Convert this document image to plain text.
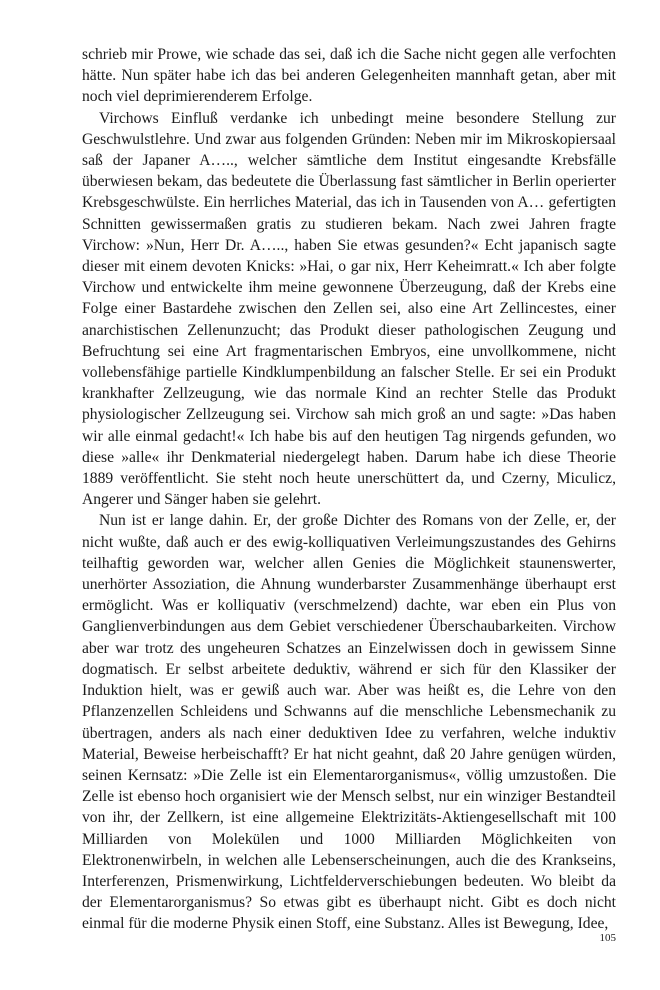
schrieb mir Prowe, wie schade das sei, daß ich die Sache nicht gegen alle verfochten hätte. Nun später habe ich das bei anderen Gelegenheiten mannhaft getan, aber mit noch viel deprimierenderem Erfolge.

Virchows Einfluß verdanke ich unbedingt meine besondere Stellung zur Geschwulstlehre. Und zwar aus folgenden Gründen: Neben mir im Mikroskopiersaal saß der Japaner A….., welcher sämtliche dem Institut eingesandte Krebsfälle überwiesen bekam, das bedeutete die Überlassung fast sämtlicher in Berlin operierter Krebsgeschwülste. Ein herrliches Material, das ich in Tausenden von A… gefertigten Schnitten gewissermaßen gratis zu studieren bekam. Nach zwei Jahren fragte Virchow: »Nun, Herr Dr. A….., haben Sie etwas gesunden?« Echt japanisch sagte dieser mit einem devoten Knicks: »Hai, o gar nix, Herr Keheimratt.« Ich aber folgte Virchow und entwickelte ihm meine gewonnene Überzeugung, daß der Krebs eine Folge einer Bastardehe zwischen den Zellen sei, also eine Art Zellincestes, einer anarchistischen Zellenunzucht; das Produkt dieser pathologischen Zeugung und Befruchtung sei eine Art fragmentarischen Embryos, eine unvollkommene, nicht vollebensfähige partielle Kindklumpenbildung an falscher Stelle. Er sei ein Produkt krankhafter Zellzeugung, wie das normale Kind an rechter Stelle das Produkt physiologischer Zellzeugung sei. Virchow sah mich groß an und sagte: »Das haben wir alle einmal gedacht!« Ich habe bis auf den heutigen Tag nirgends gefunden, wo diese »alle« ihr Denkmaterial niedergelegt haben. Darum habe ich diese Theorie 1889 veröffentlicht. Sie steht noch heute unerschüttert da, und Czerny, Miculicz, Angerer und Sänger haben sie gelehrt.

Nun ist er lange dahin. Er, der große Dichter des Romans von der Zelle, er, der nicht wußte, daß auch er des ewig-kolliquativen Verleimungszustandes des Gehirns teilhaftig geworden war, welcher allen Genies die Möglichkeit staunenswerter, unerhörter Assoziation, die Ahnung wunderbarster Zusammenhänge überhaupt erst ermöglicht. Was er kolliquativ (verschmelzend) dachte, war eben ein Plus von Ganglienverbindungen aus dem Gebiet verschiedener Überschaubarkeiten. Virchow aber war trotz des ungeheuren Schatzes an Einzelwissen doch in gewissem Sinne dogmatisch. Er selbst arbeitete deduktiv, während er sich für den Klassiker der Induktion hielt, was er gewiß auch war. Aber was heißt es, die Lehre von den Pflanzenzellen Schleidens und Schwanns auf die menschliche Lebensmechanik zu übertragen, anders als nach einer deduktiven Idee zu verfahren, welche induktiv Material, Beweise herbeischafft? Er hat nicht geahnt, daß 20 Jahre genügen würden, seinen Kernsatz: »Die Zelle ist ein Elementarorganismus«, völlig umzustoßen. Die Zelle ist ebenso hoch organisiert wie der Mensch selbst, nur ein winziger Bestandteil von ihr, der Zellkern, ist eine allgemeine Elektrizitäts-Aktiengesellschaft mit 100 Milliarden von Molekülen und 1000 Milliarden Möglichkeiten von Elektronenwirbeln, in welchen alle Lebenserscheinungen, auch die des Krankseins, Interferenzen, Prismenwirkung, Lichtfelderverschiebungen bedeuten. Wo bleibt da der Elementarorganismus? So etwas gibt es überhaupt nicht. Gibt es doch nicht einmal für die moderne Physik einen Stoff, eine Substanz. Alles ist Bewegung, Idee,

105
